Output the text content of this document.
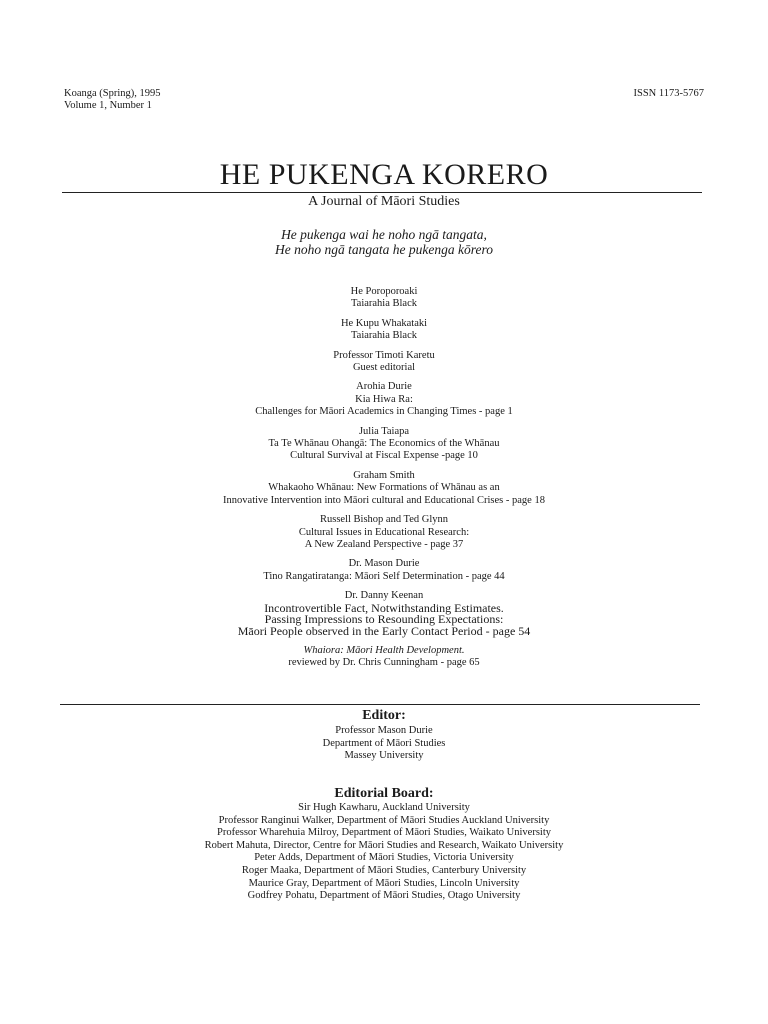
Koanga (Spring), 1995
Volume 1, Number 1
ISSN 1173-5767
HE PUKENGA KORERO
A Journal of Māori Studies
He pukenga wai he noho ngā tangata,
He noho ngā tangata he pukenga kōrero
He Poroporoaki
Taiarahia Black
He Kupu Whakataki
Taiarahia Black
Professor Timoti Karetu
Guest editorial
Arohia Durie
Kia Hiwa Ra:
Challenges for Māori Academics in Changing Times - page 1
Julia Taiapa
Ta Te Whānau Ohangā: The Economics of the Whānau
Cultural Survival at Fiscal Expense -page 10
Graham Smith
Whakaoho Whānau: New Formations of Whānau as an
Innovative Intervention into Māori cultural and Educational Crises - page 18
Russell Bishop and Ted Glynn
Cultural Issues in Educational Research:
A New Zealand Perspective - page 37
Dr. Mason Durie
Tino Rangatiratanga: Māori Self Determination - page 44
Dr. Danny Keenan
Incontrovertible Fact, Notwithstanding Estimates.
Passing Impressions to Resounding Expectations:
Māori People observed in the Early Contact Period - page 54
Whaiora: Māori Health Development.
reviewed by Dr. Chris Cunningham - page 65
Editor:
Professor Mason Durie
Department of Māori Studies
Massey University
Editorial Board:
Sir Hugh Kawharu, Auckland University
Professor Ranginui Walker, Department of Māori Studies Auckland University
Professor Wharehuia Milroy, Department of Māori Studies, Waikato University
Robert Mahuta, Director, Centre for Māori Studies and Research, Waikato University
Peter Adds, Department of Māori Studies, Victoria University
Roger Maaka, Department of Māori Studies, Canterbury University
Maurice Gray, Department of Māori Studies, Lincoln University
Godfrey Pohatu, Department of Māori Studies, Otago University
